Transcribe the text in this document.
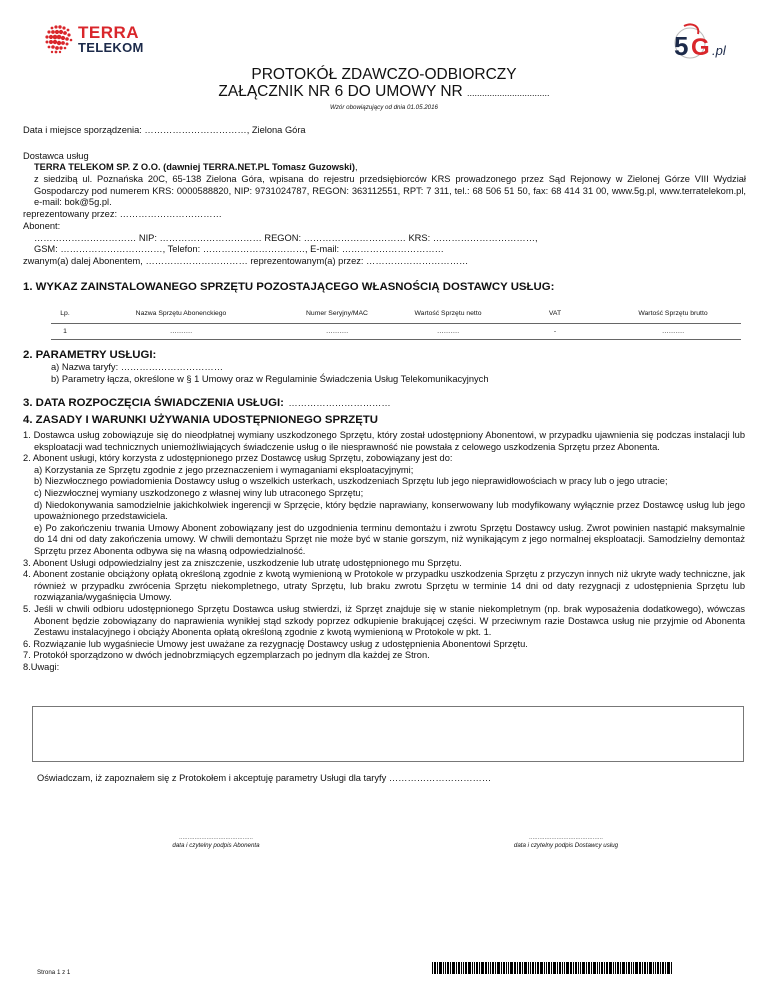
TERRA
TELEKOM	5 G .pl
PROTOKÓŁ ZDAWCZO-ODBIORCZY
ZAŁĄCZNIK NR 6 DO UMOWY NR .................................
Wzór obowiązujący od dnia 01.05.2016
Data i miejsce sporządzenia: ……………………………, Zielona Góra
Dostawca usług
TERRA TELEKOM SP. Z O.O. (dawniej TERRA.NET.PL Tomasz Guzowski),
z siedzibą ul. Poznańska 20C, 65-138 Zielona Góra, wpisana do rejestru przedsiębiorców KRS prowadzonego przez Sąd Rejonowy w Zielonej Górze VIII Wydział Gospodarczy pod numerem KRS: 0000588820, NIP: 9731024787, REGON: 363112551, RPT: 7 311, tel.: 68 506 51 50, fax: 68 414 31 00, www.5g.pl, www.terratelekom.pl, e-mail: bok@5g.pl.
reprezentowany przez: ……………………………
Abonent:
…………………………… NIP: …………………………… REGON: …………………………… KRS: ……………………………,
GSM: ……………………………, Telefon: ……………………………, E-mail: ……………………………
zwanym(a) dalej Abonentem, …………………………… reprezentowanym(a) przez: ……………………………
1. WYKAZ ZAINSTALOWANEGO SPRZĘTU POZOSTAJĄCEGO WŁASNOŚCIĄ DOSTAWCY USŁUG:
Lp.	Nazwa Sprzętu Abonenckiego	Numer Seryjny/MAC	Wartość Sprzętu netto	VAT	Wartość Sprzętu brutto
1	……….	……….	……….	-	……….
2. PARAMETRY USŁUGI:
a) Nazwa taryfy: ……………………………
b) Parametry łącza, określone w § 1 Umowy oraz w Regulaminie Świadczenia Usług Telekomunikacyjnych
3. DATA ROZPOCZĘCIA ŚWIADCZENIA USŁUGI: ……………………………
4. ZASADY I WARUNKI UŻYWANIA UDOSTĘPNIONEGO SPRZĘTU
1. Dostawca usług zobowiązuje się do nieodpłatnej wymiany uszkodzonego Sprzętu, który został udostępniony Abonentowi, w przypadku ujawnienia się podczas instalacji lub eksploatacji wad technicznych uniemożliwiających świadczenie usług o ile niesprawność nie powstała z celowego uszkodzenia Sprzętu przez Abonenta.
2. Abonent usługi, który korzysta z udostępnionego przez Dostawcę usług Sprzętu, zobowiązany jest do:
a) Korzystania ze Sprzętu zgodnie z jego przeznaczeniem i wymaganiami eksploatacyjnymi;
b) Niezwłocznego powiadomienia Dostawcy usług o wszelkich usterkach, uszkodzeniach Sprzętu lub jego nieprawidłowościach w pracy lub o jego utracie;
c) Niezwłocznej wymiany uszkodzonego z własnej winy lub utraconego Sprzętu;
d) Niedokonywania samodzielnie jakichkolwiek ingerencji w Sprzęcie, który będzie naprawiany, konserwowany lub modyfikowany wyłącznie przez Dostawcę usług lub jego upoważnionego przedstawiciela.
e) Po zakończeniu trwania Umowy Abonent zobowiązany jest do uzgodnienia terminu demontażu i zwrotu Sprzętu Dostawcy usług. Zwrot powinien nastąpić maksymalnie do 14 dni od daty zakończenia umowy. W chwili demontażu Sprzęt nie może być w stanie gorszym, niż wynikającym z jego normalnej eksploatacji. Samodzielny demontaż Sprzętu przez Abonenta odbywa się na własną odpowiedzialność.
3. Abonent Usługi odpowiedzialny jest za zniszczenie, uszkodzenie lub utratę udostępnionego mu Sprzętu.
4. Abonent zostanie obciążony opłatą określoną zgodnie z kwotą wymienioną w Protokole w przypadku uszkodzenia Sprzętu z przyczyn innych niż ukryte wady techniczne, jak również w przypadku zwrócenia Sprzętu niekompletnego, utraty Sprzętu, lub braku zwrotu Sprzętu w terminie 14 dni od daty rezygnacji z udostępnienia Sprzętu lub rozwiązania/wygaśnięcia Umowy.
5. Jeśli w chwili odbioru udostępnionego Sprzętu Dostawca usług stwierdzi, iż Sprzęt znajduje się w stanie niekompletnym (np. brak wyposażenia dodatkowego), wówczas Abonent będzie zobowiązany do naprawienia wynikłej stąd szkody poprzez odkupienie brakującej części. W przeciwnym razie Dostawca usług nie przyjmie od Abonenta Zestawu instalacyjnego i obciąży Abonenta opłatą określoną zgodnie z kwotą wymienioną w Protokole w pkt. 1.
6. Rozwiązanie lub wygaśniecie Umowy jest uważane za rezygnację Dostawcy usług z udostępnienia Abonentowi Sprzętu.
7. Protokół sporządzono w dwóch jednobrzmiących egzemplarzach po jednym dla każdej ze Stron.
8.Uwagi:
Oświadczam, iż zapoznałem się z Protokołem i akceptuję parametry Usługi dla taryfy ……………………………
...........................................
data i czytelny podpis Abonenta
...........................................
data i czytelny podpis Dostawcy usług
Strona 1 z 1
